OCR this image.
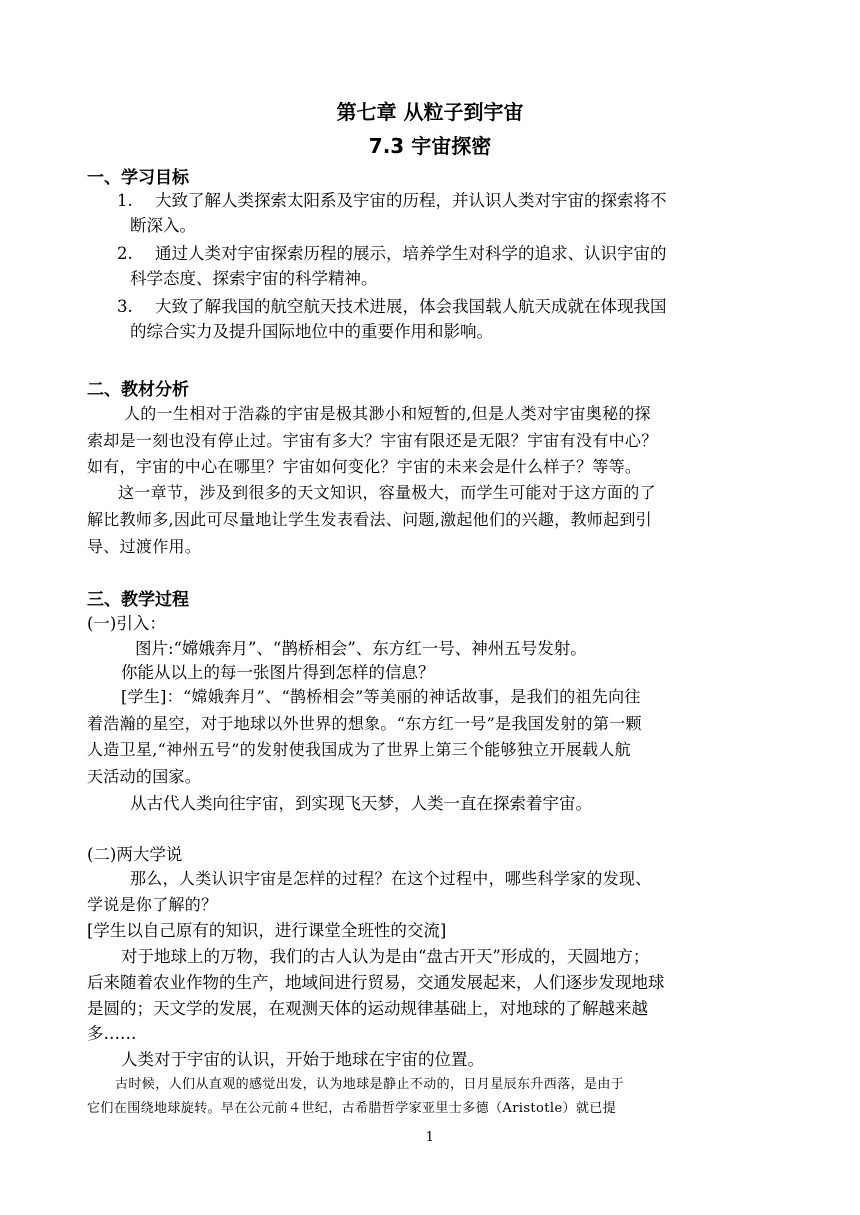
第七章 从粒子到宇宙
7.3 宇宙探密
一、学习目标
1. 大致了解人类探索太阳系及宇宙的历程，并认识人类对宇宙的探索将不
断深入。
2. 通过人类对宇宙探索历程的展示，培养学生对科学的追求、认识宇宙的
科学态度、探索宇宙的科学精神。
3. 大致了解我国的航空航天技术进展，体会我国载人航天成就在体现我国
的综合实力及提升国际地位中的重要作用和影响。
二、教材分析
人的一生相对于浩淼的宇宙是极其渺小和短暂的,但是人类对宇宙奥秘的探
索却是一刻也没有停止过。宇宙有多大？宇宙有限还是无限？宇宙有没有中心？
如有，宇宙的中心在哪里？宇宙如何变化？宇宙的未来会是什么样子？等等。
这一章节，涉及到很多的天文知识，容量极大，而学生可能对于这方面的了
解比教师多,因此可尽量地让学生发表看法、问题,激起他们的兴趣，教师起到引
导、过渡作用。
三、教学过程
(一)引入：
图片:“嫦娥奔月”、“鹊桥相会”、东方红一号、神州五号发射。
你能从以上的每一张图片得到怎样的信息？
[学生]：“嫦娥奔月”、“鹊桥相会”等美丽的神话故事，是我们的祖先向往
着浩瀚的星空，对于地球以外世界的想象。“东方红一号”是我国发射的第一颗
人造卫星,“神州五号”的发射使我国成为了世界上第三个能够独立开展载人航
天活动的国家。
从古代人类向往宇宙，到实现飞天梦，人类一直在探索着宇宙。
(二)两大学说
那么，人类认识宇宙是怎样的过程？在这个过程中，哪些科学家的发现、
学说是你了解的？
[学生以自己原有的知识，进行课堂全班性的交流]
对于地球上的万物，我们的古人认为是由“盘古开天”形成的，天圆地方；
后来随着农业作物的生产，地域间进行贸易，交通发展起来，人们逐步发现地球
是圆的；天文学的发展，在观测天体的运动规律基础上，对地球的了解越来越
多……
人类对于宇宙的认识，开始于地球在宇宙的位置。
古时候，人们从直观的感觉出发，认为地球是静止不动的，日月星辰东升西落，是由于
它们在围绕地球旋转。早在公元前４世纪，古希腊哲学家亚里士多德（Aristotle）就已提
1
